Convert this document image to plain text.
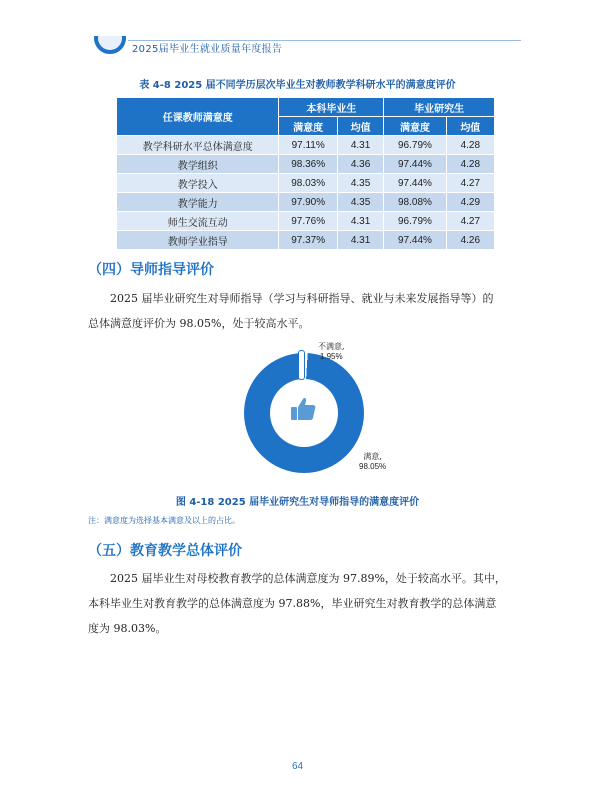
2025届毕业生就业质量年度报告
表 4-8 2025 届不同学历层次毕业生对教师教学科研水平的满意度评价
任课教师满意度	本科毕业生		毕业研究生	
	满意度	均值	满意度	均值
教学科研水平总体满意度	97.11%	4.31	96.79%	4.28
教学组织	98.36%	4.36	97.44%	4.28
教学投入	98.03%	4.35	97.44%	4.27
教学能力	97.90%	4.35	98.08%	4.29
师生交流互动	97.76%	4.31	96.79%	4.27
教师学业指导	97.37%	4.31	97.44%	4.26
（四）导师指导评价

2025 届毕业研究生对导师指导（学习与科研指导、就业与未来发展指导等）的
总体满意度评价为 98.05%，处于较高水平。

不满意,
1.95%
满意,
98.05%
图 4-18 2025 届毕业研究生对导师指导的满意度评价
注：满意度为选择基本满意及以上的占比。
（五）教育教学总体评价

2025 届毕业生对母校教育教学的总体满意度为 97.89%，处于较高水平。其中，
本科毕业生对教育教学的总体满意度为 97.88%，毕业研究生对教育教学的总体满意
度为 98.03%。

64
